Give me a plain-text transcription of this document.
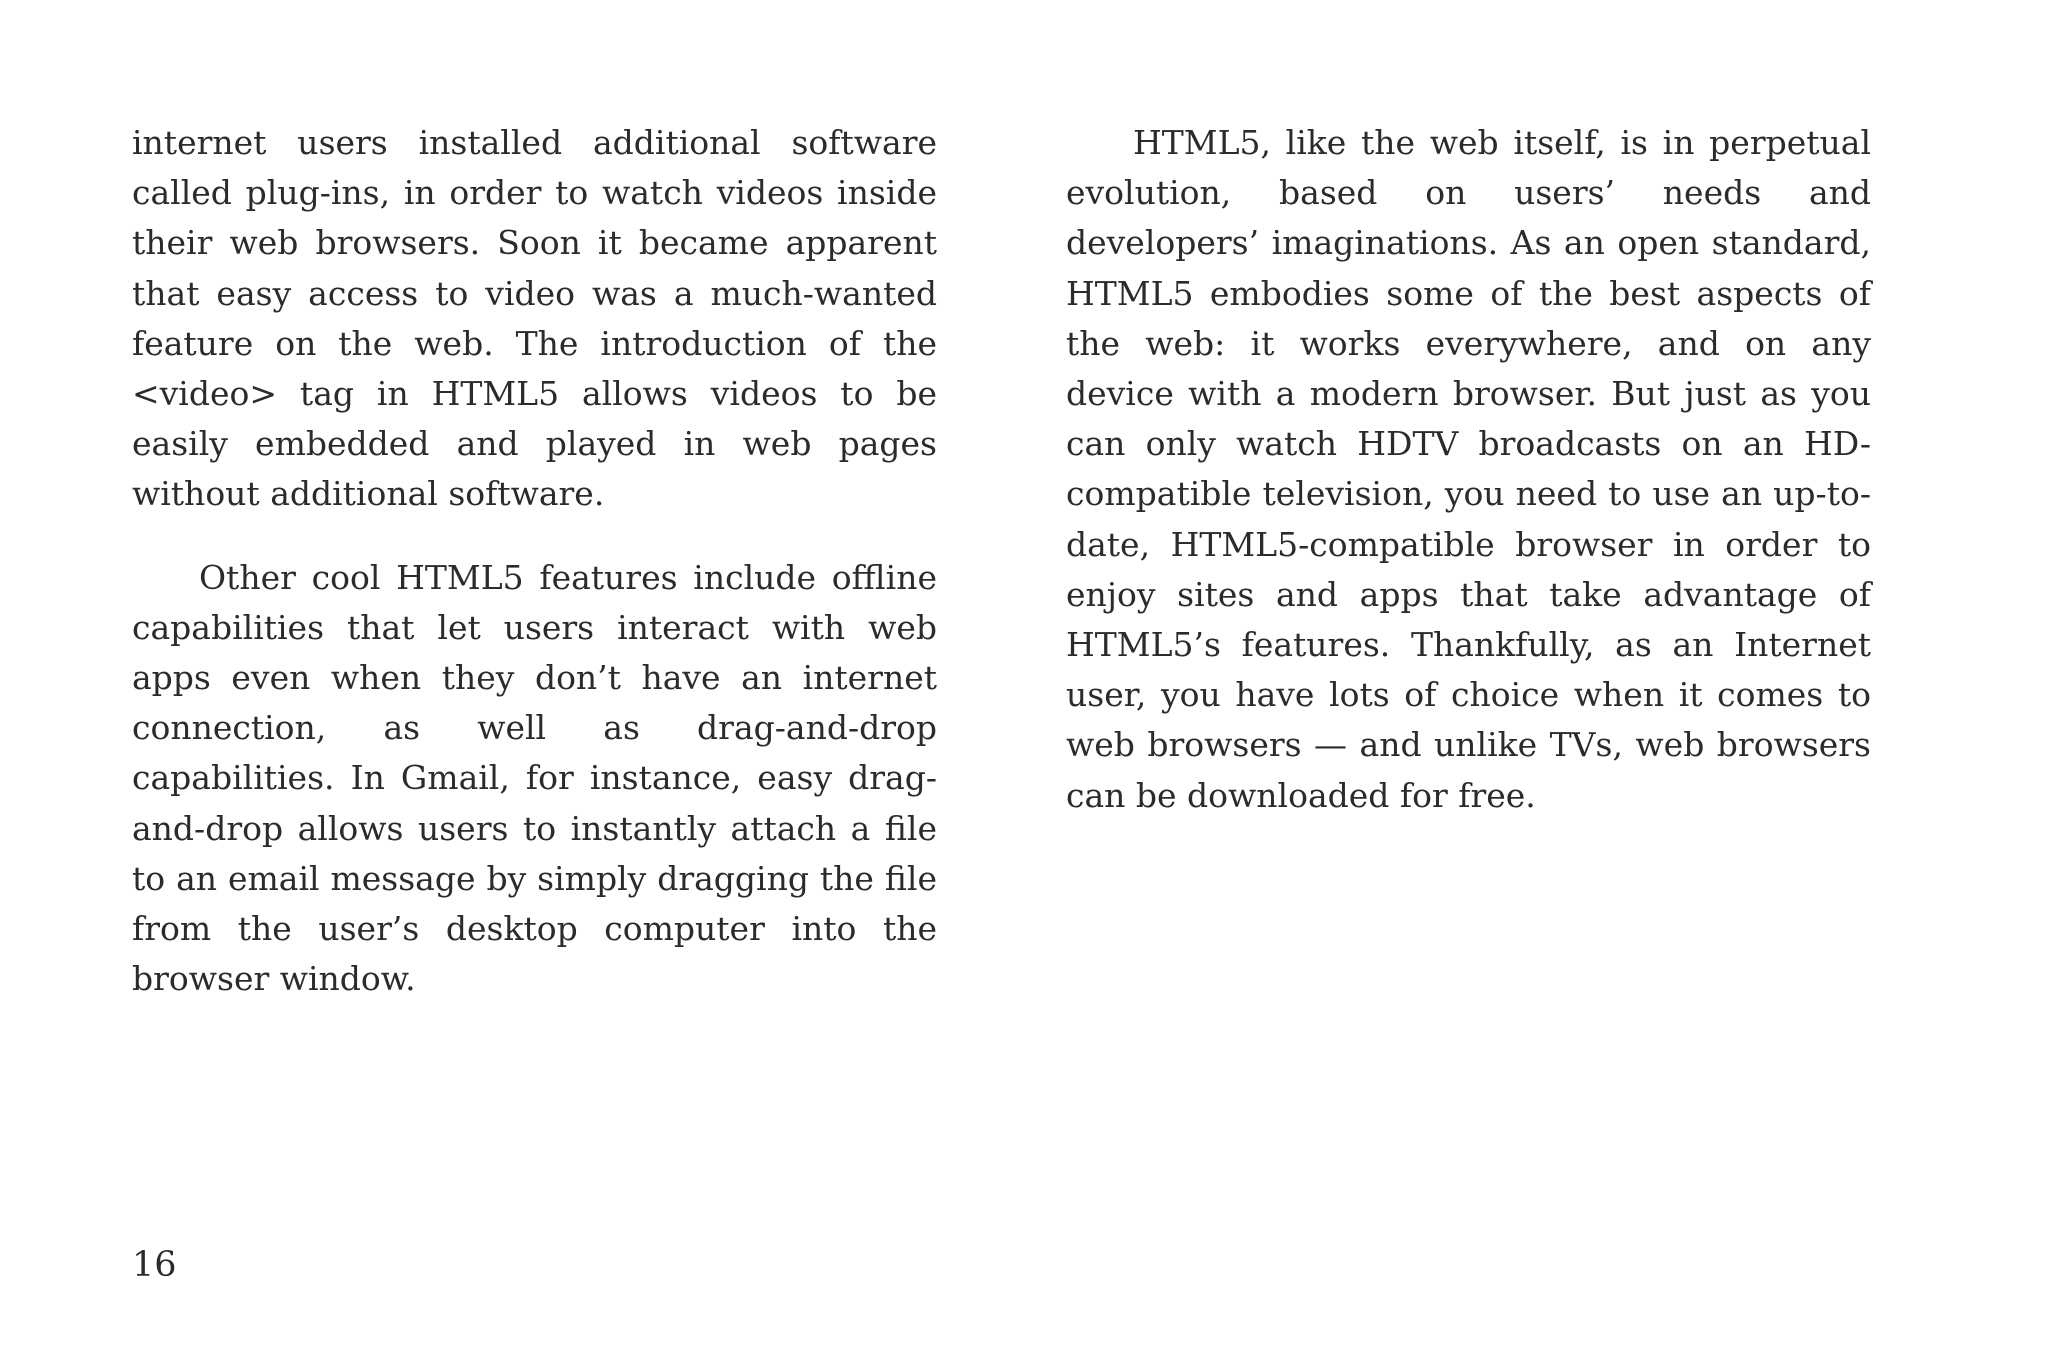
internet users installed additional software called plug-ins, in order to watch videos inside their web browsers. Soon it became apparent that easy access to video was a much-wanted feature on the web. The introduction of the <video> tag in HTML5 allows videos to be easily embedded and played in web pages without additional software.

Other cool HTML5 features include offline capabilities that let users interact with web apps even when they don’t have an internet connection, as well as drag-and-drop capabilities. In Gmail, for instance, easy drag-and-drop allows users to instantly attach a file to an email message by simply dragging the file from the user’s desktop computer into the browser window.

HTML5, like the web itself, is in perpetual evolution, based on users’ needs and developers’ imaginations. As an open standard, HTML5 embodies some of the best aspects of the web: it works everywhere, and on any device with a modern browser. But just as you can only watch HDTV broadcasts on an HD-compatible television, you need to use an up-to-date, HTML5-compatible browser in order to enjoy sites and apps that take advantage of HTML5’s features. Thankfully, as an Internet user, you have lots of choice when it comes to web browsers — and unlike TVs, web browsers can be downloaded for free.

16
